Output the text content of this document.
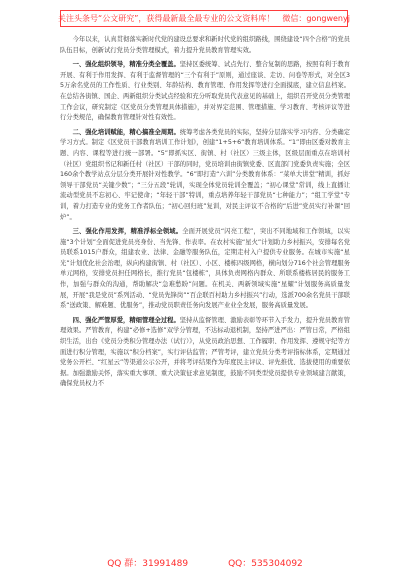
关注头条号“公文研究”，获得最新最全最专业的公文资料库！ 微信：gongwenyj

今年以来，认真贯彻落实新时代党的建设总要求和新时代党的组织路线，围绕建设“四个合格”的党员队伍目标，创新试行党员分类管理模式，着力提升党员教育管理实效。

一、强化组织领导，精准分类全覆盖。坚持区委统筹、试点先行、整合复制的思路，按照有利于教育开展、有利于作用发挥、有利于监督管理的“三个有利于”原则，通过座谈、走访、问卷等形式，对全区35万余名党员的工作性质、行业类别、年龄结构、教育管理、作用发挥等进行全面摸底，建立信息档案。在总结各街镇、国企、两新组织分类试点经验和充分听取党员代表意见的基础上，组织召开党员分类管理工作会议，研究制定《区党员分类管理具体措施》，并对界定范围、管理措施、学习教育、考核评议等进行分类规范，确保教育管理针对性有效性。

二、强化培训赋能，精心搞准全周期。统筹考虑各类党员的实际，坚持分层落实学习内容、分类确定学习方式。制定《区党员干部教育培训工作计划》，创建“1+5+6”教育培训体系。“1”即由区委对教育主题、内容、课程等进行统一部署。“5”即抓实区、街镇、村（社区）三级主体，区级层面重点在培训村（社区）党组织书记和新任村（社区）干部的同时，党员培训由街镇党委、区直部门党委负责实施；全区160余个教学站点分层分类开展针对性教学。“6”即打造“六训”分类教育体系：“菜单大讲堂”精训，抓好领导干部党员“关键少数”；“三分五段”轮训，实现全体党员轮训全覆盖；“初心课堂”常训，线上直播让流动型党员不忘初心、牢记使命；“年轻干部”特训，重点培养年轻干部党员“七种能力”；“组工学堂”专训，着力打造专业的党务工作者队伍；“初心回归班”复训，对民主评议不合格的“后进”党员实行补课“回炉”。

三、强化作用发挥，精准浮标全领域。全面开展党员“闪亮工程”，突出不同地域和工作领域，以实施“3个计划”全面促进党员亮身份、当先锋、作表率。在农村实施“星火”计划助力乡村振兴，安排每名党员联系1015户群众，组建农业、法律、金融等服务队伍，定期走村入户提供专业服务。在城市实施“星光”计划优化社会治理，纵向构建街镇、村（社区）、小区、楼栋四级网格，横向划分716个社会管理服务单元网格，安排党员担任网格长，推行党员“包楼栋”，具体负责网格内群众、所联系楼栋居民的服务工作，加强与群众的沟通，帮助解决“急难愁盼”问题。在机关、两新领域实施“星耀”计划服务高质量发展，开展“我是党员”系列活动、“党员先锋岗”“百企联百村助力乡村振兴”行动，选派700余名党员干部联系“送政策、解难题、优服务”，推动党员职责任务向发展产业业全发展，服务高质量发展。

四、强化严管厚爱，精细管理全过程。坚持从监督管理、激励表彰等环节入手发力，提升党员教育管理效果。严管教育，构建“必修+选修”双学分管理，不达标动退机制，坚持严进严出：严管日常，严格组织生活，出台《党员分类积分管理办法（试行）》，从党员政治思想、工作履职、作用发挥、遵规守纪等方面进行积分管理，实施以“积分档案”，实行评估监管；严管考评，建立党员分类考评指标体系，定期通过党务公开栏、“红星云”等渠道公示公开，并将考评结果作为年度民主评议、评先推优、选拔使用的重要依据。加强激励关怀，落实重大事项、重大决策征求意见制度，鼓励不同类型党员提供专业领域建言献策，确保党员权力不

QQ 群：31991489	QQ：535304092
